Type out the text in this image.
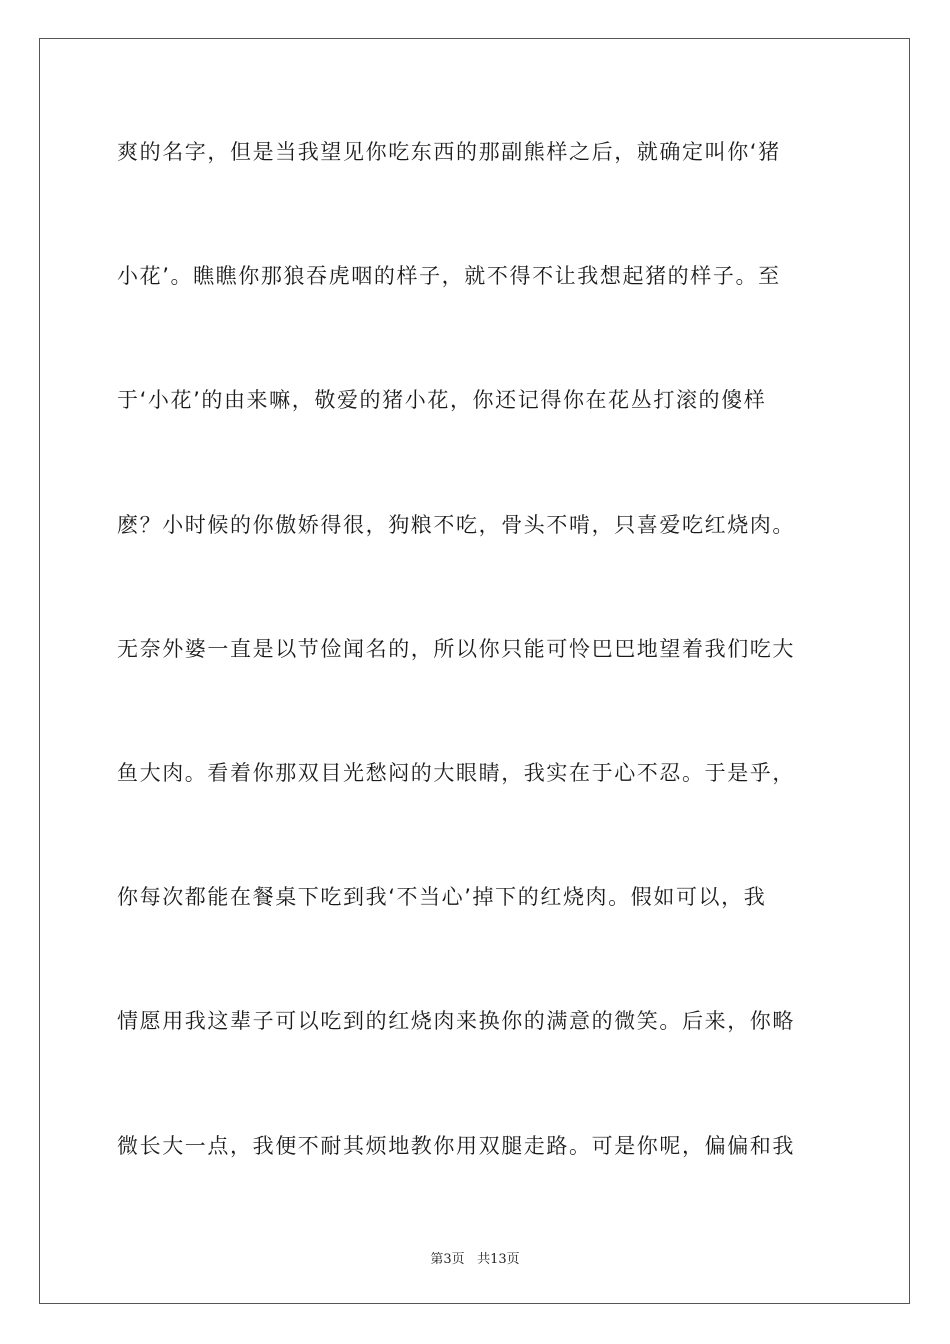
爽的名字，但是当我望见你吃东西的那副熊样之后，就确定叫你‘猪
小花’。瞧瞧你那狼吞虎咽的样子，就不得不让我想起猪的样子。至
于‘小花’的由来嘛，敬爱的猪小花，你还记得你在花丛打滚的傻样
麽？小时候的你傲娇得很，狗粮不吃，骨头不啃，只喜爱吃红烧肉。
无奈外婆一直是以节俭闻名的，所以你只能可怜巴巴地望着我们吃大
鱼大肉。看着你那双目光愁闷的大眼睛，我实在于心不忍。于是乎，
你每次都能在餐桌下吃到我‘不当心’掉下的红烧肉。假如可以，我
情愿用我这辈子可以吃到的红烧肉来换你的满意的微笑。后来，你略
微长大一点，我便不耐其烦地教你用双腿走路。可是你呢，偏偏和我
第3页 共13页
